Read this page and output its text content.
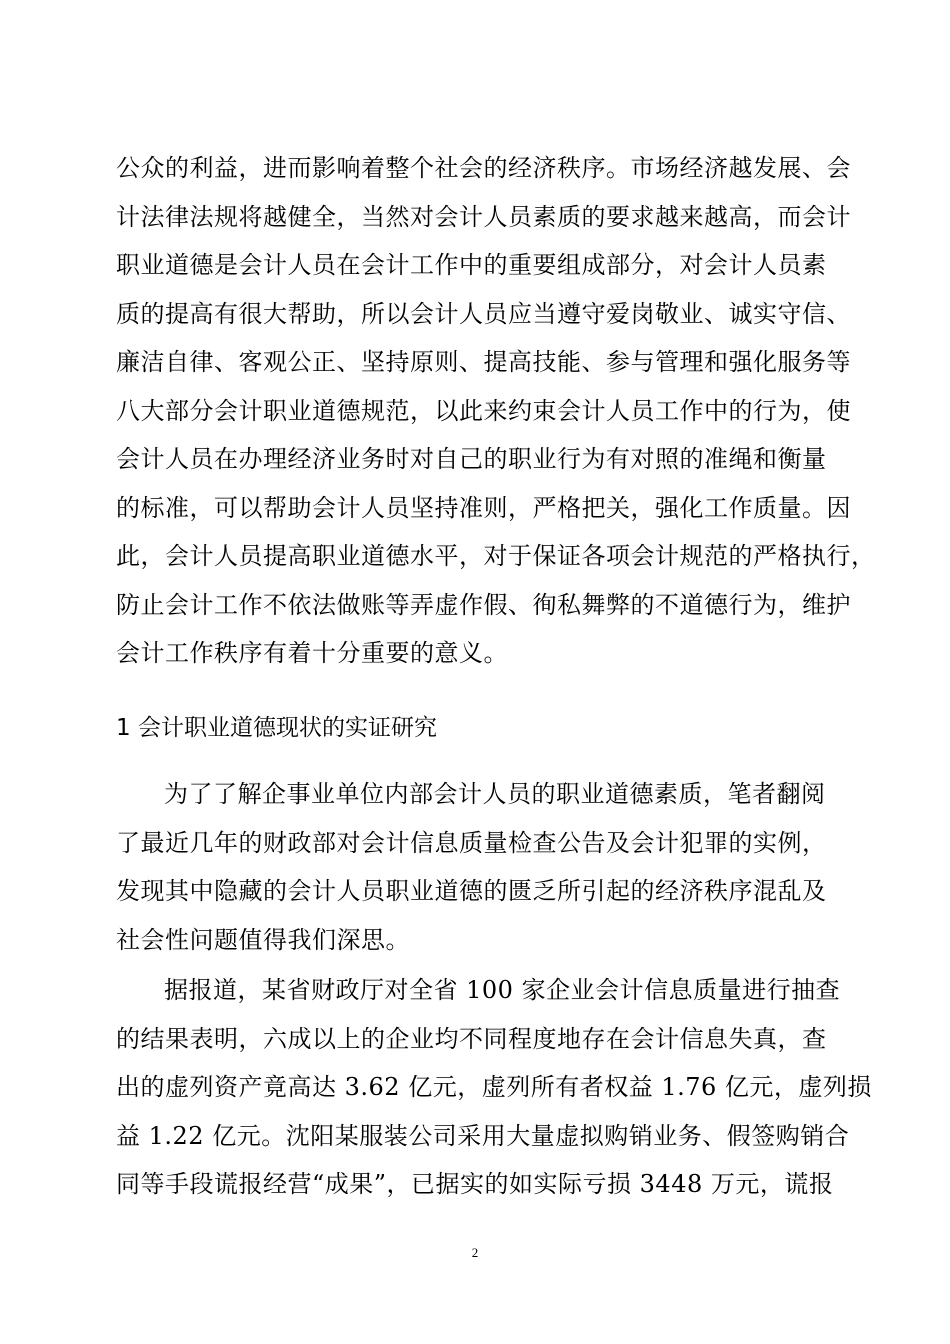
公众的利益，进而影响着整个社会的经济秩序。市场经济越发展、会
计法律法规将越健全，当然对会计人员素质的要求越来越高，而会计
职业道德是会计人员在会计工作中的重要组成部分，对会计人员素
质的提高有很大帮助，所以会计人员应当遵守爱岗敬业、诚实守信、
廉洁自律、客观公正、坚持原则、提高技能、参与管理和强化服务等
八大部分会计职业道德规范，以此来约束会计人员工作中的行为，使
会计人员在办理经济业务时对自己的职业行为有对照的准绳和衡量
的标准，可以帮助会计人员坚持准则，严格把关，强化工作质量。因
此，会计人员提高职业道德水平，对于保证各项会计规范的严格执行，
防止会计工作不依法做账等弄虚作假、徇私舞弊的不道德行为，维护
会计工作秩序有着十分重要的意义。
1 会计职业道德现状的实证研究
为了了解企事业单位内部会计人员的职业道德素质，笔者翻阅
了最近几年的财政部对会计信息质量检查公告及会计犯罪的实例，
发现其中隐藏的会计人员职业道德的匮乏所引起的经济秩序混乱及
社会性问题值得我们深思。
据报道，某省财政厅对全省 100 家企业会计信息质量进行抽查
的结果表明，六成以上的企业均不同程度地存在会计信息失真，查
出的虚列资产竟高达 3.62 亿元，虚列所有者权益 1.76 亿元，虚列损
益 1.22 亿元。沈阳某服装公司采用大量虚拟购销业务、假签购销合
同等手段谎报经营“成果”，已据实的如实际亏损 3448 万元，谎报
2
